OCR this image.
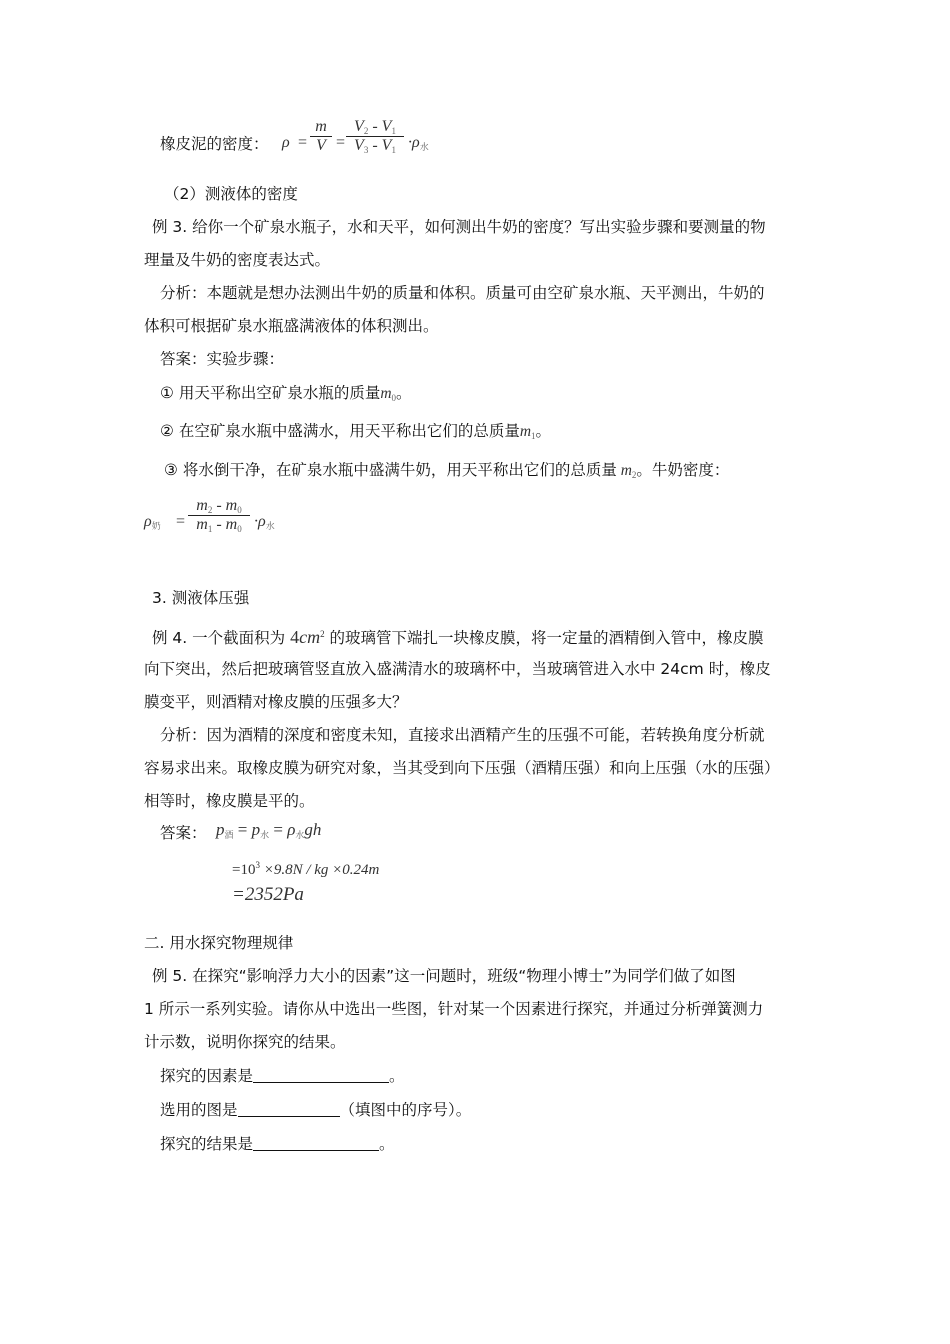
橡皮泥的密度： ρ =
m
V =
$V_2 - V_1$
$V_3 - V_1 \cdot\rho_水$
（2）测液体的密度
例 3. 给你一个矿泉水瓶子，水和天平，如何测出牛奶的密度？写出实验步骤和要测量的物
理量及牛奶的密度表达式。
分析：本题就是想办法测出牛奶的质量和体积。质量可由空矿泉水瓶、天平测出，牛奶的
体积可根据矿泉水瓶盛满液体的体积测出。
答案：实验步骤：
① 用天平称出空矿泉水瓶的质量$m_0$。
② 在空矿泉水瓶中盛满水，用天平称出它们的总质量$m_1$。
③ 将水倒干净，在矿泉水瓶中盛满牛奶，用天平称出它们的总质量 $m_2$。牛奶密度：
$\rho_奶$ =
$m_2 - m_0$
$m_1 - m_0 \cdot\rho_水$
3. 测液体压强
例 4. 一个截面积为 $4cm^2$ 的玻璃管下端扎一块橡皮膜，将一定量的酒精倒入管中，橡皮膜
向下突出，然后把玻璃管竖直放入盛满清水的玻璃杯中，当玻璃管进入水中 24cm 时，橡皮
膜变平，则酒精对橡皮膜的压强多大？
分析：因为酒精的深度和密度未知，直接求出酒精产生的压强不可能，若转换角度分析就
容易求出来。取橡皮膜为研究对象，当其受到向下压强（酒精压强）和向上压强（水的压强）
相等时，橡皮膜是平的。
答案： $p_酒 = p_水 = \rho_水gh$
$=10^3 \times 9.8N$ / kg ×0.24m
=2352Pa
二. 用水探究物理规律
例 5. 在探究“影响浮力大小的因素”这一问题时，班级“物理小博士”为同学们做了如图
1 所示一系列实验。请你从中选出一些图，针对某一个因素进行探究，并通过分析弹簧测力
计示数，说明你探究的结果。
探究的因素是	。
选用的图是	（填图中的序号）。
探究的结果是	。
